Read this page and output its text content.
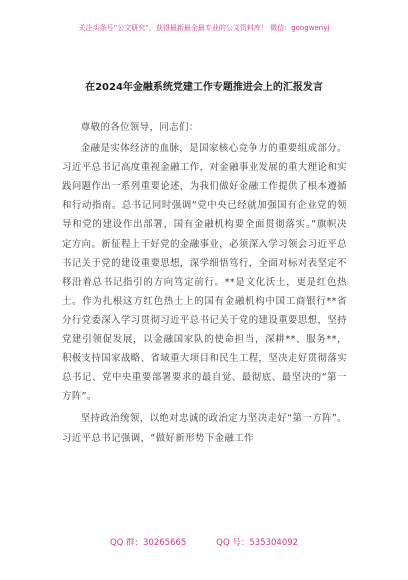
关注头条号“公文研究”，获得最新最全最专业的公文资料库！ 微信：gongwenyj
在2024年金融系统党建工作专题推进会上的汇报发言

尊敬的各位领导，同志们：

金融是实体经济的血脉，是国家核心竞争力的重要组成部分。习近平总书记高度重视金融工作，对金融事业发展的重大理论和实践问题作出一系列重要论述，为我们做好金融工作提供了根本遵循和行动指南。总书记同时强调“党中央已经就加强国有企业党的领导和党的建设作出部署，国有金融机构要全面贯彻落实。”旗帜决定方向。新征程上干好党的金融事业，必须深入学习领会习近平总书记关于党的建设重要思想，深学细悟笃行，全面对标对表坚定不移沿着总书记指引的方向笃定前行。**是文化沃土，更是红色热土。作为扎根这方红色热土上的国有金融机构中国工商银行**省分行党委深入学习贯彻习近平总书记关于党的建设重要思想，坚持党建引领促发展，以金融国家队的使命担当，深耕**、服务**，积极支持国家战略、省域重大项目和民生工程，坚决走好贯彻落实总书记、党中央重要部署要求的最自觉、最彻底、最坚决的“第一方阵”。

坚持政治统领，以绝对忠诚的政治定力坚决走好“第一方阵”。习近平总书记强调，“做好新形势下金融工作

QQ 群：30265665	QQ 号：535304092
